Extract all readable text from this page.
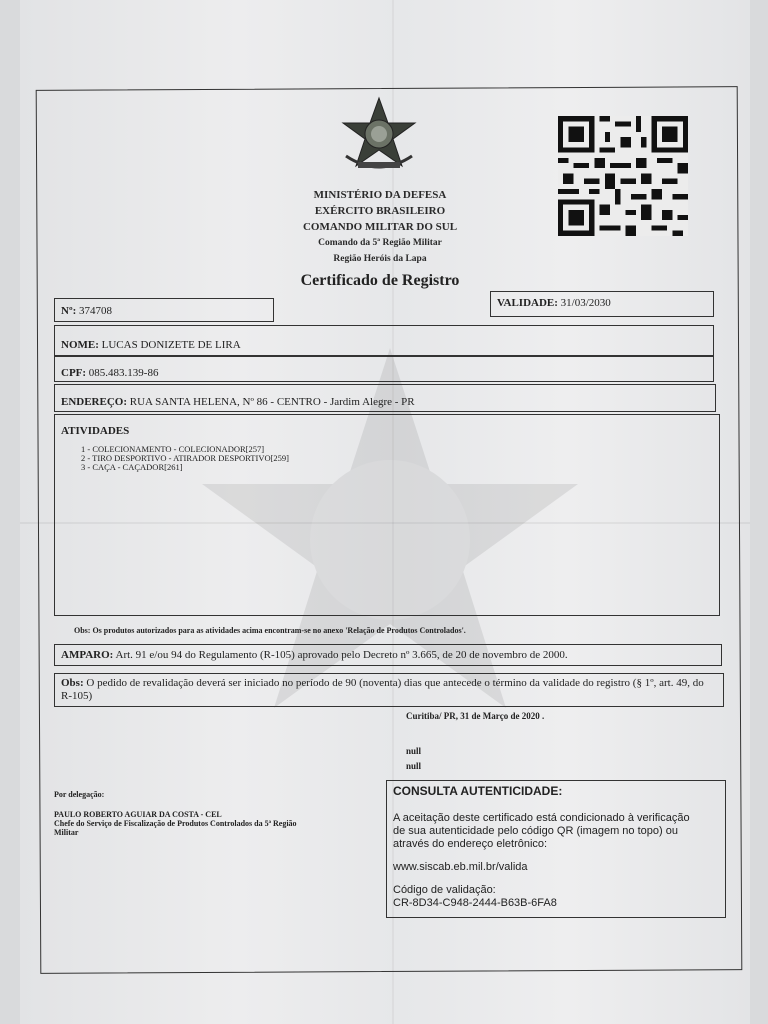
MINISTÉRIO DA DEFESA
EXÉRCITO BRASILEIRO
COMANDO MILITAR DO SUL
Comando da 5ª Região Militar
Região Heróis da Lapa
Certificado de Registro
Nº: 374708
VALIDADE: 31/03/2030
NOME: LUCAS DONIZETE DE LIRA
CPF: 085.483.139-86
ENDEREÇO: RUA SANTA HELENA, Nº 86 - CENTRO - Jardim Alegre - PR
ATIVIDADES
1 - COLECIONAMENTO - COLECIONADOR[257]
2 - TIRO DESPORTIVO - ATIRADOR DESPORTIVO[259]
3 - CAÇA - CAÇADOR[261]
Obs: Os produtos autorizados para as atividades acima encontram-se no anexo 'Relação de Produtos Controlados'.
AMPARO: Art. 91 e/ou 94 do Regulamento (R-105) aprovado pelo Decreto nº 3.665, de 20 de novembro de 2000.
Obs: O pedido de revalidação deverá ser iniciado no período de 90 (noventa) dias que antecede o término da validade do registro (§ 1º, art. 49, do R-105)
Curitiba/ PR, 31 de Março de 2020 .
null
null
Por delegação:
PAULO ROBERTO AGUIAR DA COSTA - CEL
Chefe do Serviço de Fiscalização de Produtos Controlados da 5ª Região
Militar
CONSULTA AUTENTICIDADE:
A aceitação deste certificado está condicionado à verificação
de sua autenticidade pelo código QR (imagem no topo) ou
através do endereço eletrônico:
www.siscab.eb.mil.br/valida
Código de validação:
CR-8D34-C948-2444-B63B-6FA8
